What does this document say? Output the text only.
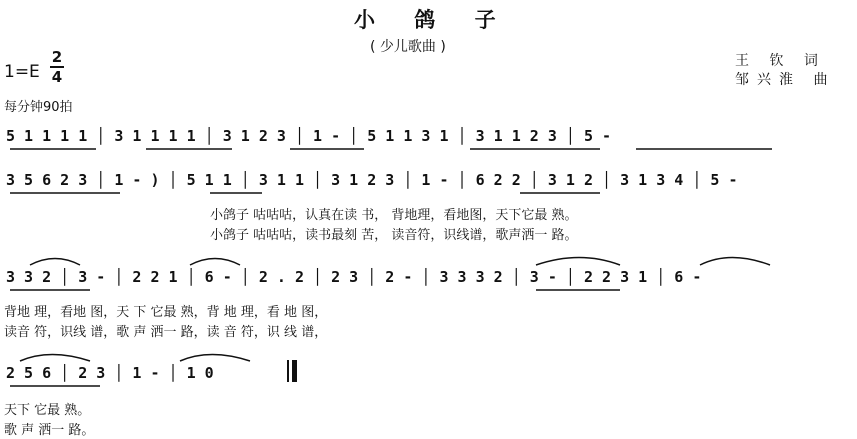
小 鸽 子
( 少儿歌曲 )
王 钦 词
邹兴淮 曲
1=E
2
4
每分钟90拍
5 1 1 1 1 │ 3 1 1 1 1 │ 3 1 2 3 │ 1 - │ 5 1 1 3 1 │ 3 1 1 2 3 │ 5 -
3 5 6 2 3 │ 1 - ) │ 5 1 1 │ 3 1 1 │ 3 1 2 3 │ 1 - │ 6 2 2 │ 3 1 2 │ 3 1 3 4 │ 5 -
3 3 2 │ 3 - │ 2 2 1 │ 6 - │ 2 . 2 │ 2 3 │ 2 - │ 3 3 3 2 │ 3 - │ 2 2 3 1 │ 6 -
2 5 6 │ 2 3 │ 1 - │ 1 0
小鸽子 咕咕咕，认真在读 书， 背地理，看地图，天下它最 熟。
小鸽子 咕咕咕，读书最刻 苦， 读音符，识线谱，歌声洒一 路。
背地 理，看地 图，天 下 它最 熟，背 地 理，看 地 图，
读音 符，识线 谱，歌 声 洒一 路，读 音 符，识 线 谱，
天下 它最 熟。
歌 声 洒一 路。
